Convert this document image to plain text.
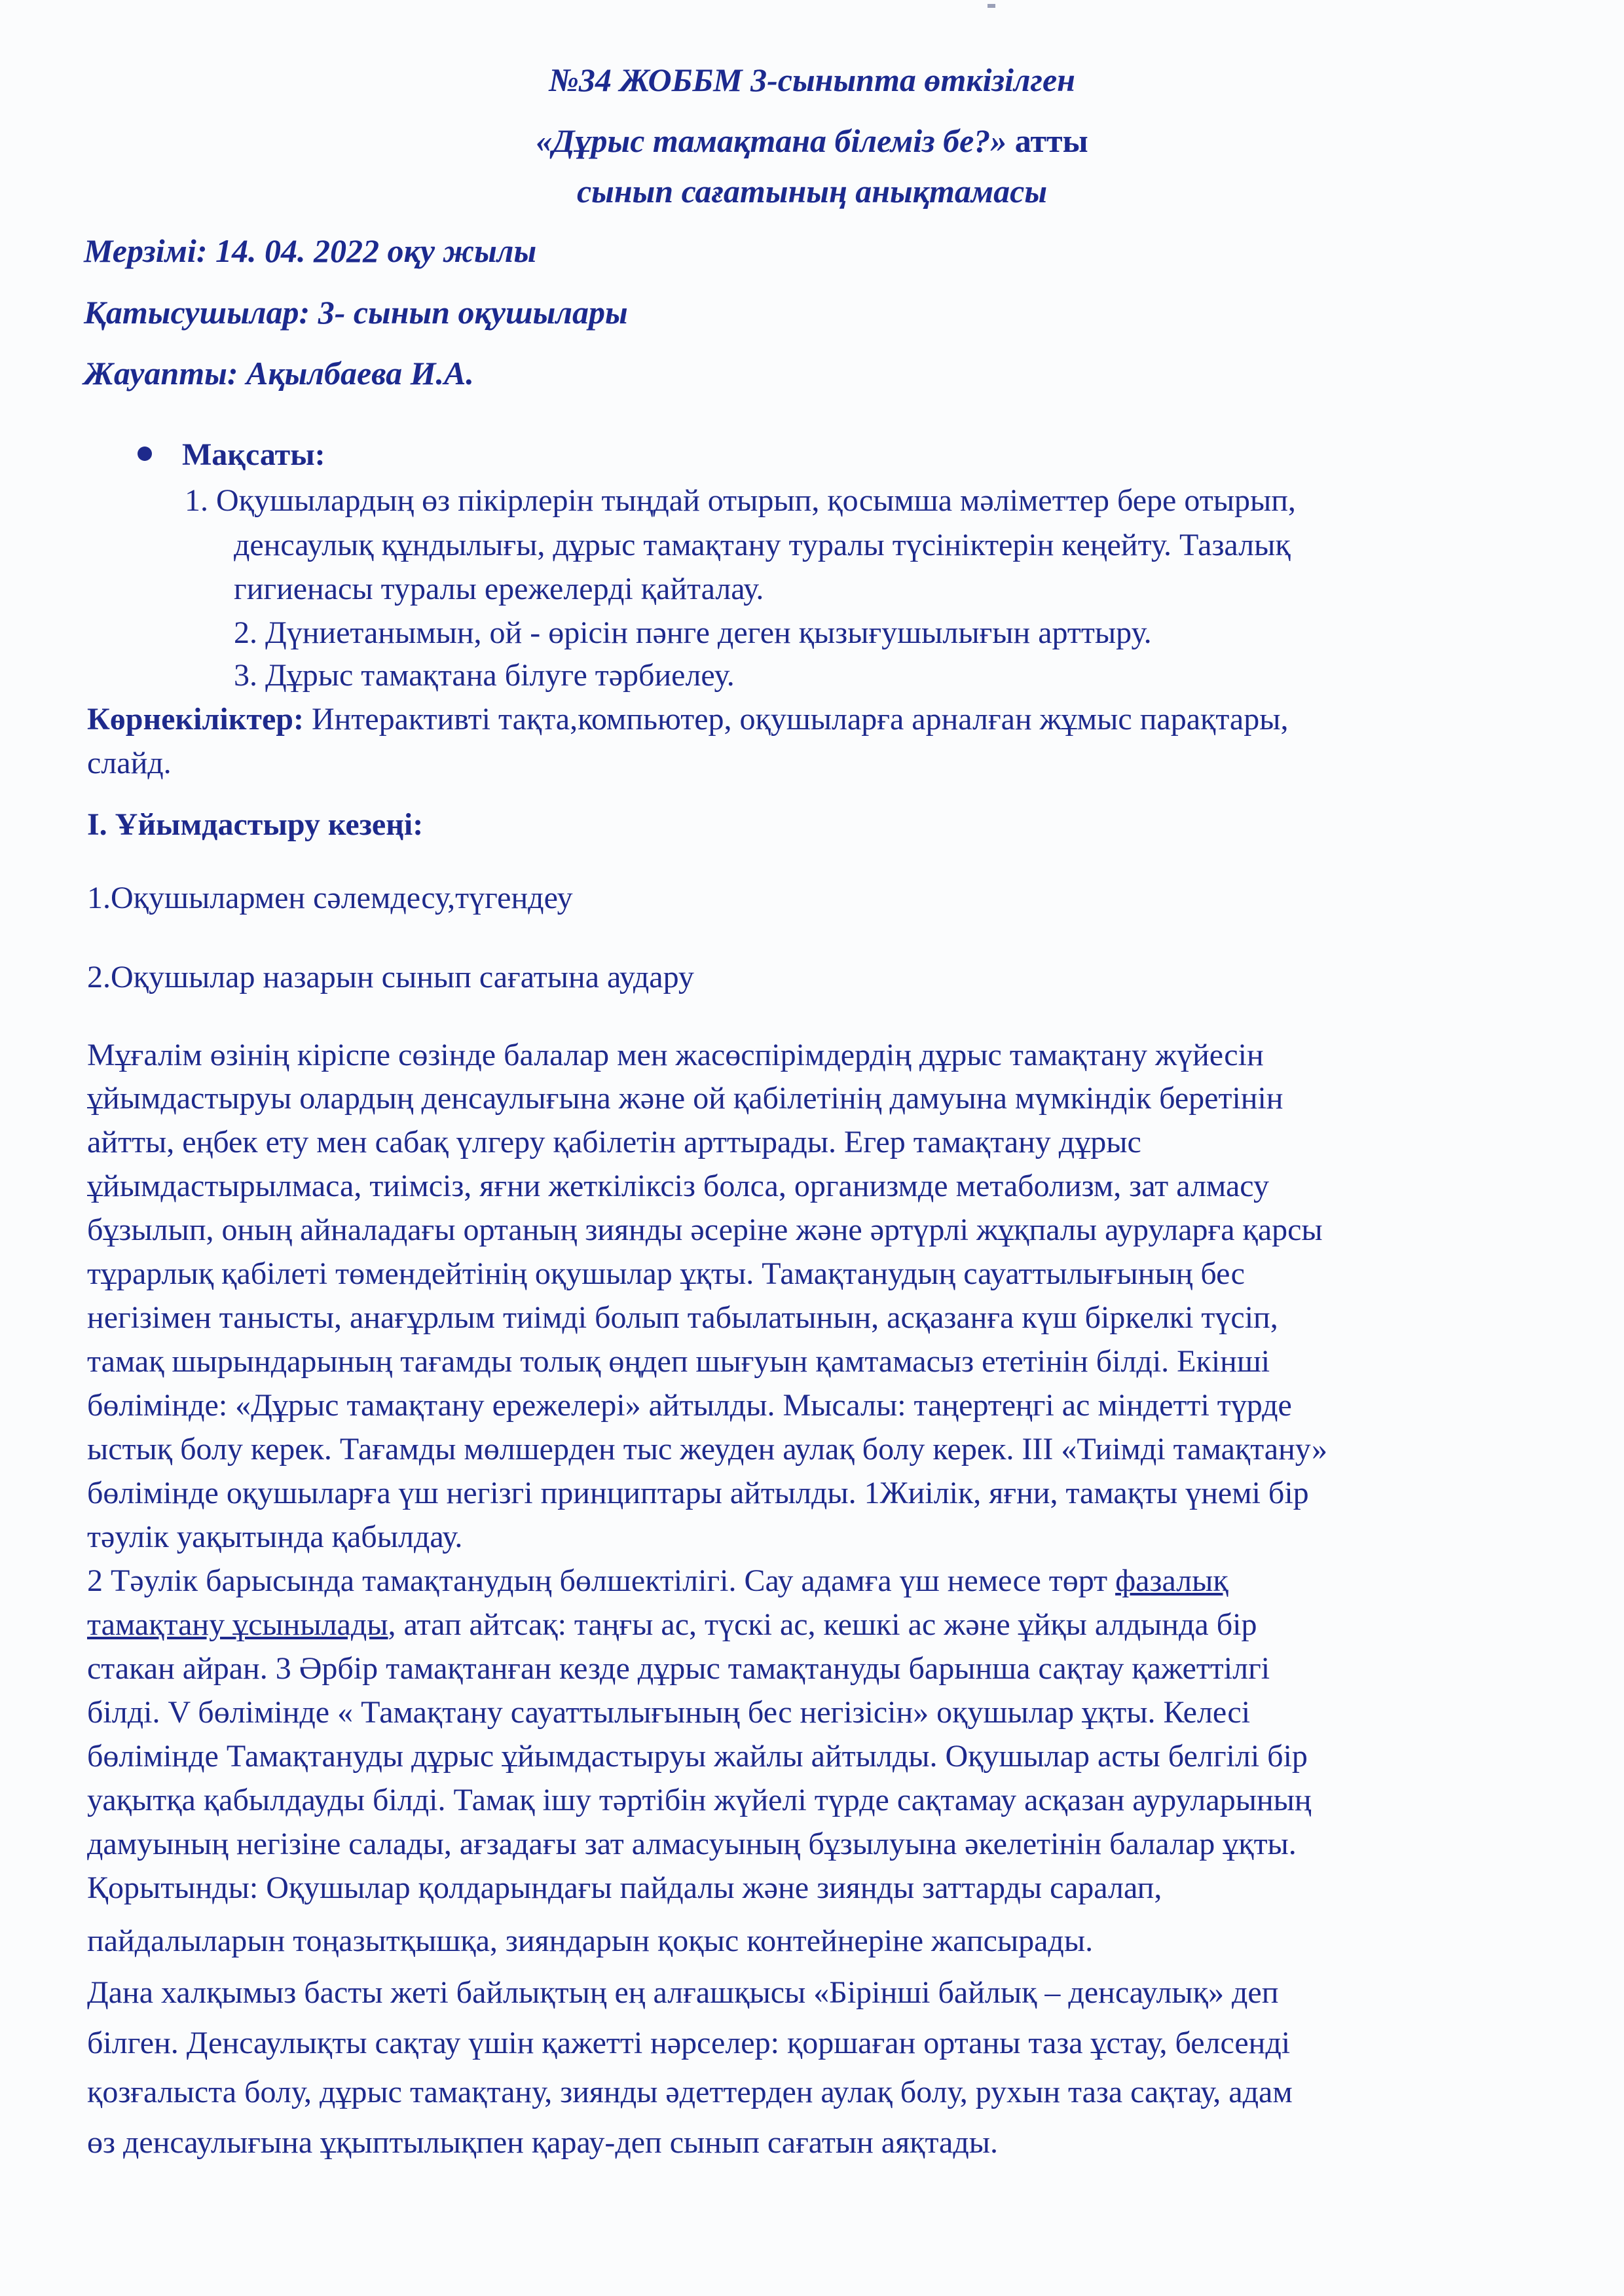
№34 ЖОББМ 3-сыныпта өткізілген
«Дұрыс тамақтана білеміз бе?» атты
сынып сағатының анықтамасы
Мерзімі: 14. 04. 2022 оқу жылы
Қатысушылар: 3- сынып оқушылары
Жауапты: Ақылбаева И.А.
Мақсаты:
1. Оқушылардың өз пікірлерін тыңдай отырып, қосымша мәліметтер бере отырып,
денсаулық құндылығы, дұрыс тамақтану туралы түсініктерін кеңейту. Тазалық
гигиенасы туралы ережелерді қайталау.
2. Дүниетанымын, ой - өрісін пәнге деген қызығушылығын арттыру.
3. Дұрыс тамақтана білуге тәрбиелеу.
Көрнекіліктер: Интерактивті тақта,компьютер, оқушыларға арналған жұмыс парақтары,
слайд.
I. Ұйымдастыру кезеңі:
1.Оқушылармен сәлемдесу,түгендеу
2.Оқушылар назарын сынып сағатына аудару
Мұғалім өзінің кіріспе сөзінде балалар мен жасөспірімдердің дұрыс тамақтану жүйесін
ұйымдастыруы олардың денсаулығына және ой қабілетінің дамуына мүмкіндік беретінін
айтты, еңбек ету мен сабақ үлгеру қабілетін арттырады. Егер тамақтану дұрыс
ұйымдастырылмаса, тиімсіз, яғни жеткіліксіз болса, организмде метаболизм, зат алмасу
бұзылып, оның айналадағы ортаның зиянды әсеріне және әртүрлі жұқпалы ауруларға қарсы
тұрарлық қабілеті төмендейтінің оқушылар ұқты. Тамақтанудың сауаттылығының бес
негізімен танысты, анағұрлым тиімді болып табылатынын, асқазанға күш біркелкі түсіп,
тамақ шырындарының тағамды толық өңдеп шығуын қамтамасыз ететінін білді. Екінші
бөлімінде: «Дұрыс тамақтану ережелері» айтылды. Мысалы: таңертеңгі ас міндетті түрде
ыстық болу керек. Тағамды мөлшерден тыс жеуден аулақ болу керек. III «Тиімді тамақтану»
бөлімінде оқушыларға үш негізгі принциптары айтылды. 1Жиілік, яғни, тамақты үнемі бір
тәулік уақытында қабылдау.
2 Тәулік барысында тамақтанудың бөлшектілігі. Сау адамға үш немесе төрт фазалық
тамақтану ұсынылады, атап айтсақ: таңғы ас, түскі ас, кешкі ас және ұйқы алдында бір
стакан айран. 3 Әрбір тамақтанған кезде дұрыс тамақтануды барынша сақтау қажеттілгі
білді. V бөлімінде « Тамақтану сауаттылығының бес негізісін» оқушылар ұқты. Келесі
бөлімінде Тамақтануды дұрыс ұйымдастыруы жайлы айтылды. Оқушылар асты белгілі бір
уақытқа қабылдауды білді. Тамақ ішу тәртібін жүйелі түрде сақтамау асқазан ауруларының
дамуының негізіне салады, ағзадағы зат алмасуының бұзылуына әкелетінін балалар ұқты.
Қорытынды: Оқушылар қолдарындағы пайдалы және зиянды заттарды саралап,
пайдалыларын тоңазытқышқа, зияндарын қоқыс контейнеріне жапсырады.
Дана халқымыз басты жеті байлықтың ең алғашқысы «Бірінші байлық – денсаулық» деп
білген. Денсаулықты сақтау үшін қажетті нәрселер: қоршаған ортаны таза ұстау, белсенді
қозғалыста болу, дұрыс тамақтану, зиянды әдеттерден аулақ болу, рухын таза сақтау, адам
өз денсаулығына ұқыптылықпен қарау-деп сынып сағатын аяқтады.
